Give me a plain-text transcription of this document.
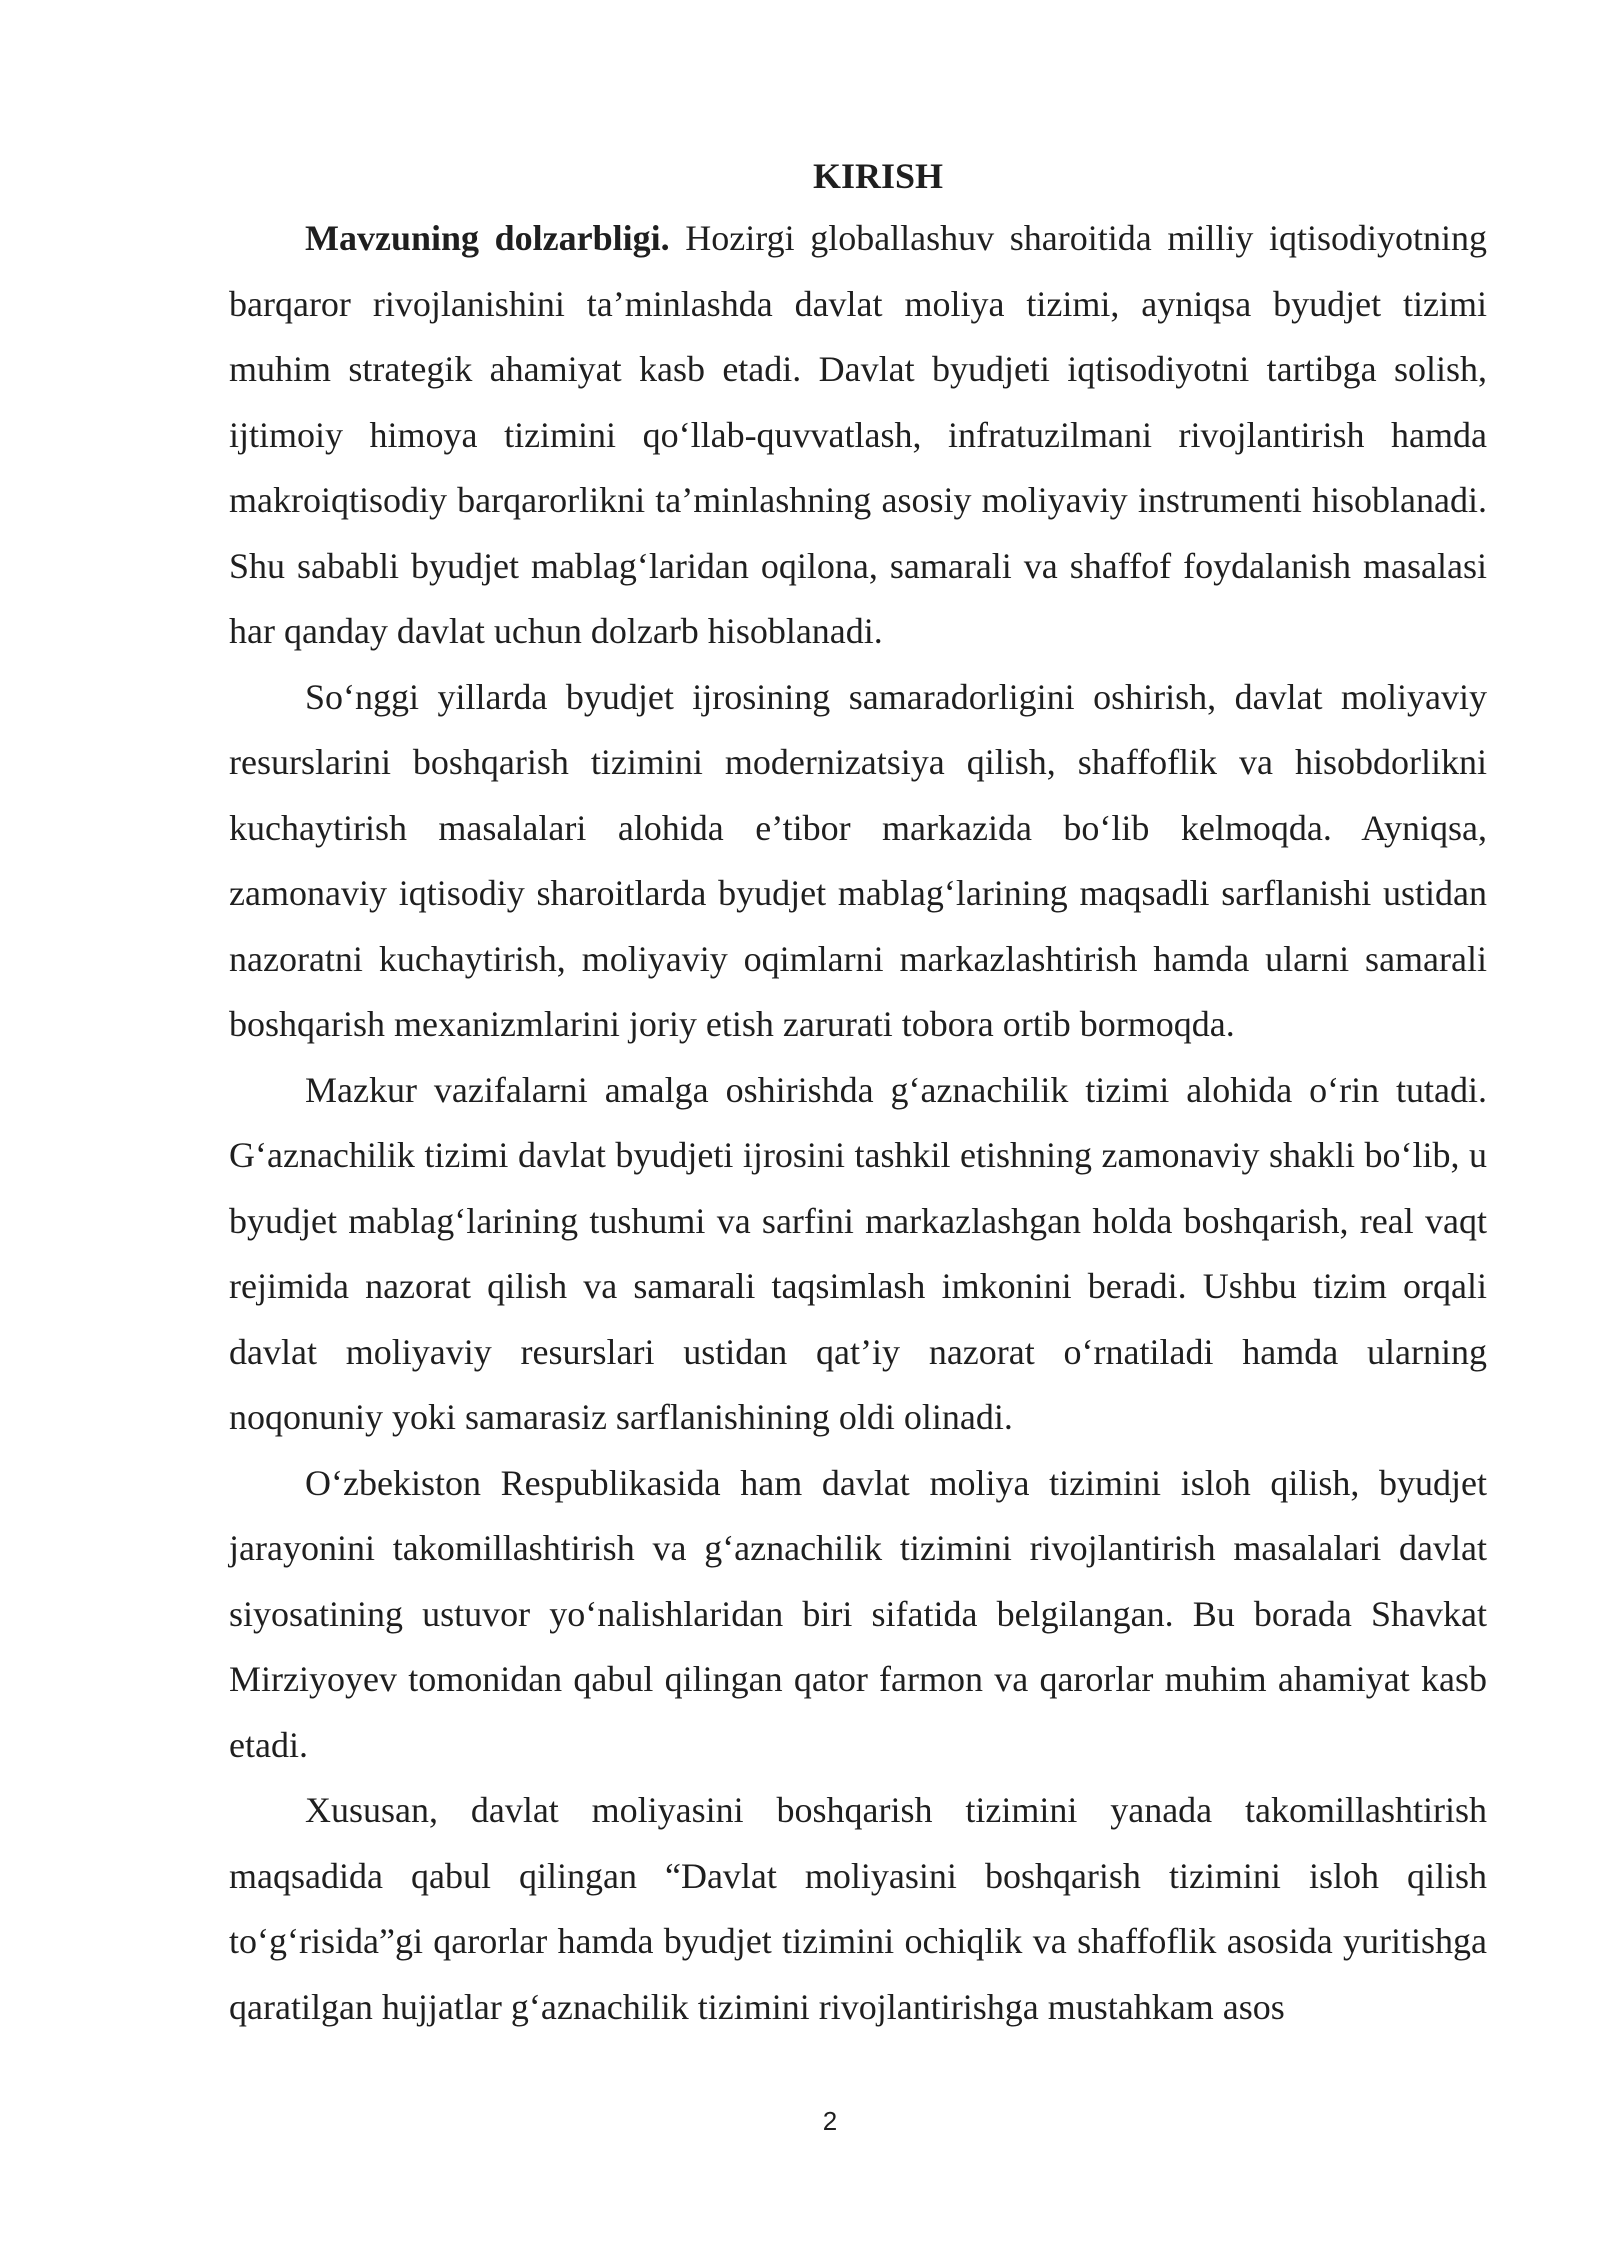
KIRISH

Mavzuning dolzarbligi. Hozirgi globallashuv sharoitida milliy iqtisodiyotning barqaror rivojlanishini ta’minlashda davlat moliya tizimi, ayniqsa byudjet tizimi muhim strategik ahamiyat kasb etadi. Davlat byudjeti iqtisodiyotni tartibga solish, ijtimoiy himoya tizimini qo‘llab-quvvatlash, infratuzilmani rivojlantirish hamda makroiqtisodiy barqarorlikni ta’minlashning asosiy moliyaviy instrumenti hisoblanadi. Shu sababli byudjet mablag‘laridan oqilona, samarali va shaffof foydalanish masalasi har qanday davlat uchun dolzarb hisoblanadi.

So‘nggi yillarda byudjet ijrosining samaradorligini oshirish, davlat moliyaviy resurslarini boshqarish tizimini modernizatsiya qilish, shaffoflik va hisobdorlikni kuchaytirish masalalari alohida e’tibor markazida bo‘lib kelmoqda. Ayniqsa, zamonaviy iqtisodiy sharoitlarda byudjet mablag‘larining maqsadli sarflanishi ustidan nazoratni kuchaytirish, moliyaviy oqimlarni markazlashtirish hamda ularni samarali boshqarish mexanizmlarini joriy etish zarurati tobora ortib bormoqda.

Mazkur vazifalarni amalga oshirishda g‘aznachilik tizimi alohida o‘rin tutadi. G‘aznachilik tizimi davlat byudjeti ijrosini tashkil etishning zamonaviy shakli bo‘lib, u byudjet mablag‘larining tushumi va sarfini markazlashgan holda boshqarish, real vaqt rejimida nazorat qilish va samarali taqsimlash imkonini beradi. Ushbu tizim orqali davlat moliyaviy resurslari ustidan qat’iy nazorat o‘rnatiladi hamda ularning noqonuniy yoki samarasiz sarflanishining oldi olinadi.

O‘zbekiston Respublikasida ham davlat moliya tizimini isloh qilish, byudjet jarayonini takomillashtirish va g‘aznachilik tizimini rivojlantirish masalalari davlat siyosatining ustuvor yo‘nalishlaridan biri sifatida belgilangan. Bu borada Shavkat Mirziyoyev tomonidan qabul qilingan qator farmon va qarorlar muhim ahamiyat kasb etadi.

Xususan, davlat moliyasini boshqarish tizimini yanada takomillashtirish maqsadida qabul qilingan “Davlat moliyasini boshqarish tizimini isloh qilish to‘g‘risida”gi qarorlar hamda byudjet tizimini ochiqlik va shaffoflik asosida yuritishga qaratilgan hujjatlar g‘aznachilik tizimini rivojlantirishga mustahkam asos

2
